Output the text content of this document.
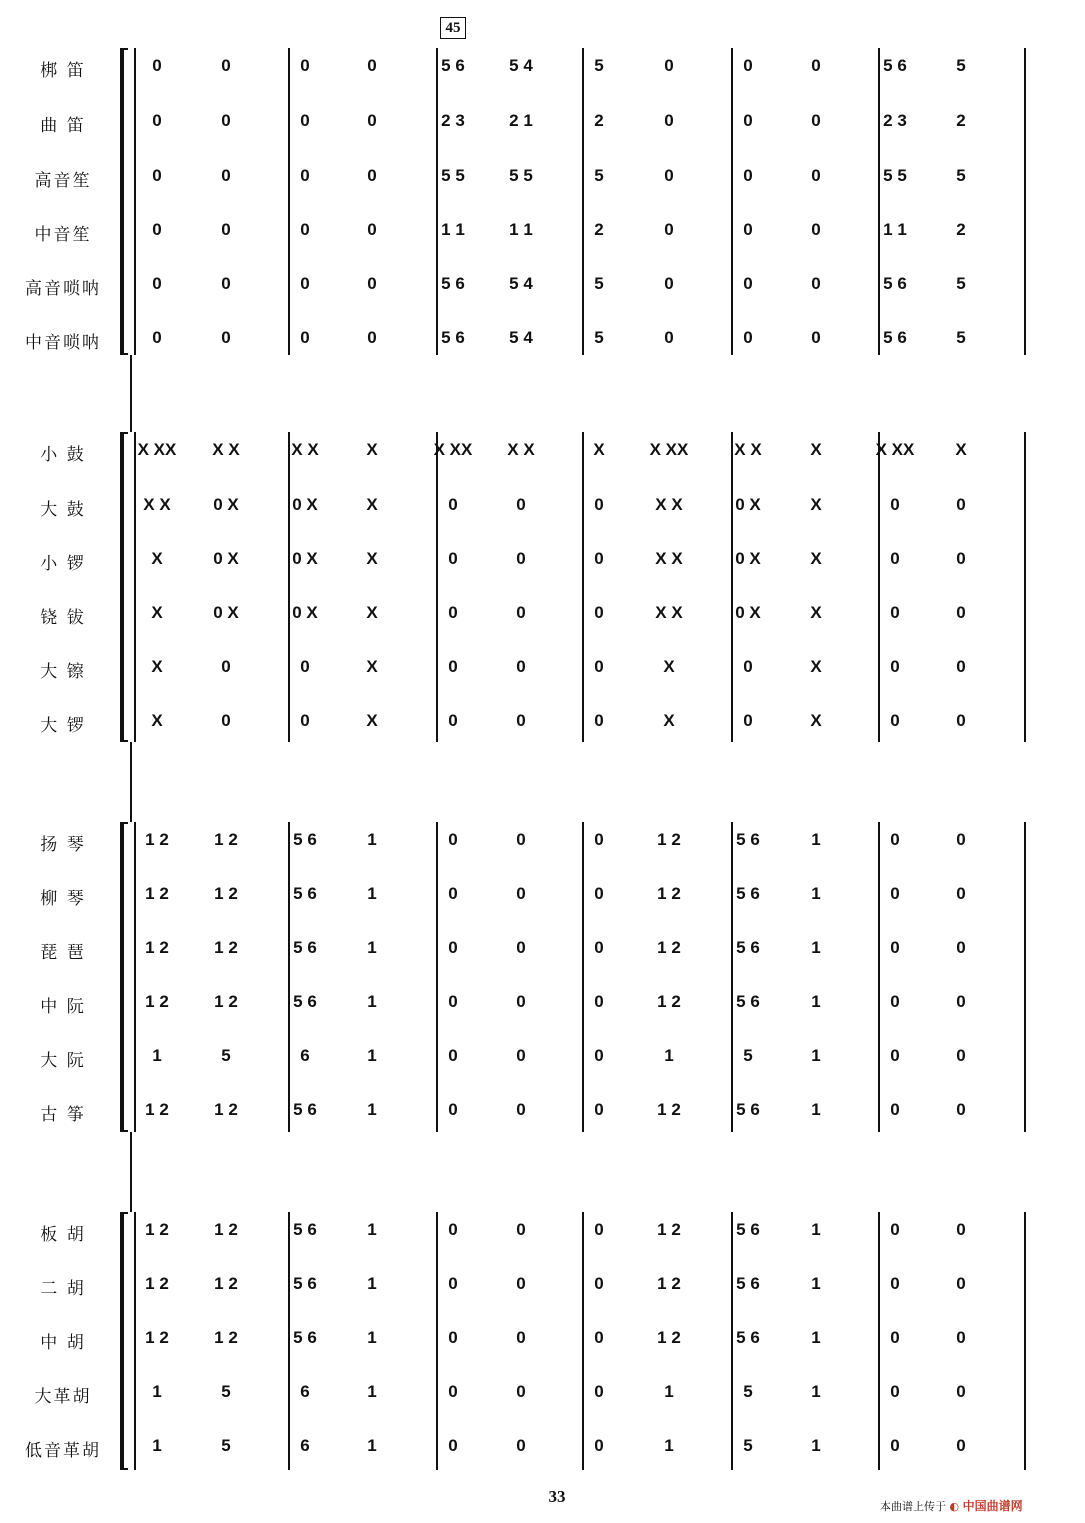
梆 笛	0	0	0	0	5 6	5 4	5	0	0	0	5 6	5
曲 笛	0	0	0	0	2 3	2 1	2	0	0	0	2 3	2
高音笙	0	0	0	0	5 5	5 5	5	0	0	0	5 5	5
中音笙	0	0	0	0	1 1	1 1	2	0	0	0	1 1	2
高音唢呐	0	0	0	0	5 6	5 4	5	0	0	0	5 6	5
中音唢呐	0	0	0	0	5 6	5 4	5	0	0	0	5 6	5
小 鼓	X XX	X X	X X	X	X XX	X X	X	X XX	X X	X	X XX	X
大 鼓	X X	0 X	0 X	X	0	0	0	X X	0 X	X	0	0
小 锣	X	0 X	0 X	X	0	0	0	X X	0 X	X	0	0
铙 钹	X	0 X	0 X	X	0	0	0	X X	0 X	X	0	0
大 镲	X	0	0	X	0	0	0	X	0	X	0	0
大 锣	X	0	0	X	0	0	0	X	0	X	0	0
扬 琴	1 2	1 2	5 6	1	0	0	0	1 2	5 6	1	0	0
柳 琴	1 2	1 2	5 6	1	0	0	0	1 2	5 6	1	0	0
琵 琶	1 2	1 2	5 6	1	0	0	0	1 2	5 6	1	0	0
中 阮	1 2	1 2	5 6	1	0	0	0	1 2	5 6	1	0	0
大 阮	1	5	6	1	0	0	0	1	5	1	0	0
古 筝	1 2	1 2	5 6	1	0	0	0	1 2	5 6	1	0	0
板 胡	1 2	1 2	5 6	1	0	0	0	1 2	5 6	1	0	0
二 胡	1 2	1 2	5 6	1	0	0	0	1 2	5 6	1	0	0
中 胡	1 2	1 2	5 6	1	0	0	0	1 2	5 6	1	0	0
大革胡	1	5	6	1	0	0	0	1	5	1	0	0
低音革胡	1	5	6	1	0	0	0	1	5	1	0	0
45
33
本曲谱上传于 ◐ 中国曲谱网
